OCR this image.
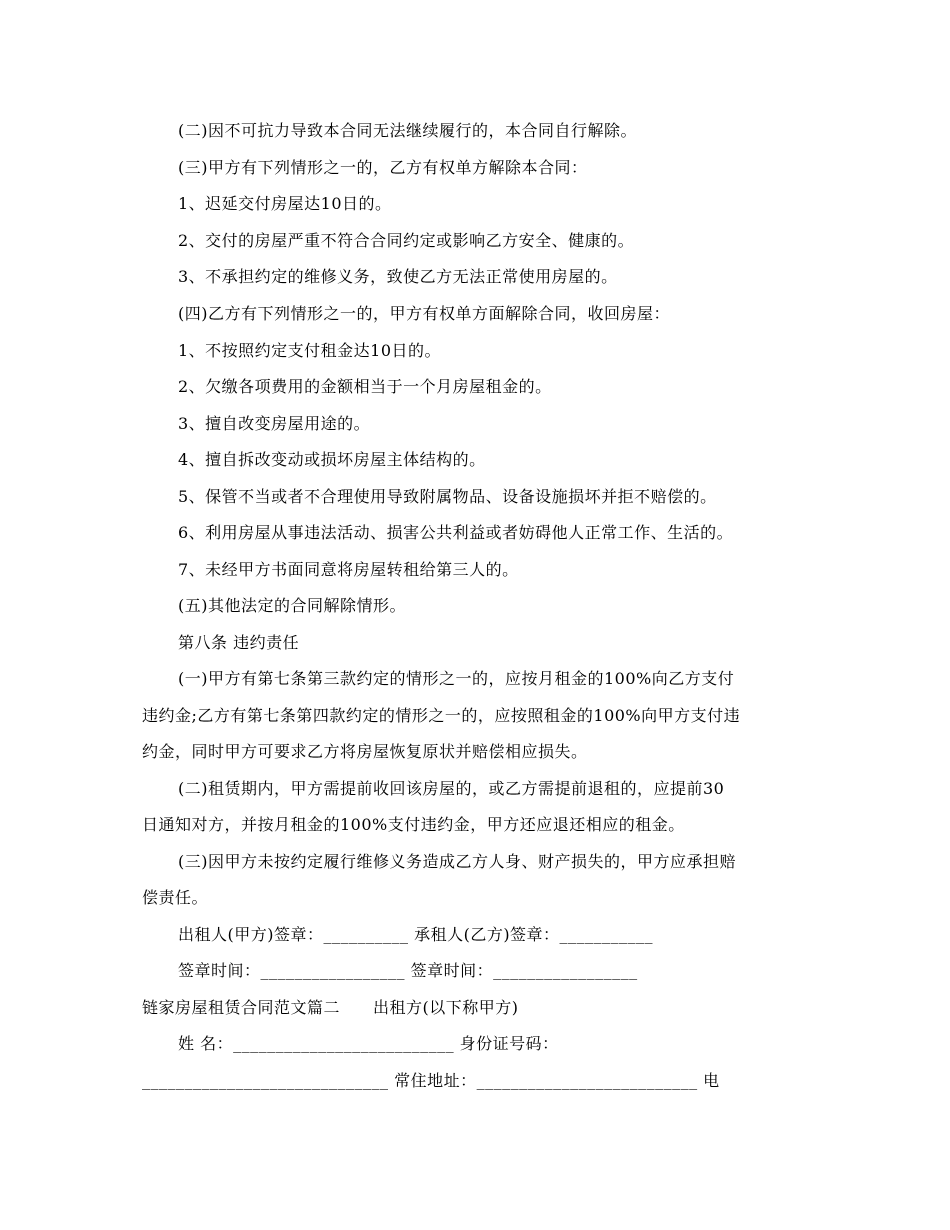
(二)因不可抗力导致本合同无法继续履行的，本合同自行解除。
(三)甲方有下列情形之一的，乙方有权单方解除本合同：
1、迟延交付房屋达10日的。
2、交付的房屋严重不符合合同约定或影响乙方安全、健康的。
3、不承担约定的维修义务，致使乙方无法正常使用房屋的。
(四)乙方有下列情形之一的，甲方有权单方面解除合同，收回房屋：
1、不按照约定支付租金达10日的。
2、欠缴各项费用的金额相当于一个月房屋租金的。
3、擅自改变房屋用途的。
4、擅自拆改变动或损坏房屋主体结构的。
5、保管不当或者不合理使用导致附属物品、设备设施损坏并拒不赔偿的。
6、利用房屋从事违法活动、损害公共利益或者妨碍他人正常工作、生活的。
7、未经甲方书面同意将房屋转租给第三人的。
(五)其他法定的合同解除情形。
第八条 违约责任
(一)甲方有第七条第三款约定的情形之一的，应按月租金的100%向乙方支付
违约金;乙方有第七条第四款约定的情形之一的，应按照租金的100%向甲方支付违
约金，同时甲方可要求乙方将房屋恢复原状并赔偿相应损失。
(二)租赁期内，甲方需提前收回该房屋的，或乙方需提前退租的，应提前30
日通知对方，并按月租金的100%支付违约金，甲方还应退还相应的租金。
(三)因甲方未按约定履行维修义务造成乙方人身、财产损失的，甲方应承担赔
偿责任。
出租人(甲方)签章：__________ 承租人(乙方)签章：___________
签章时间：_________________ 签章时间：_________________
链家房屋租赁合同范文篇二　　出租方(以下称甲方)
姓 名：__________________________ 身份证号码：
_____________________________ 常住地址：__________________________ 电
